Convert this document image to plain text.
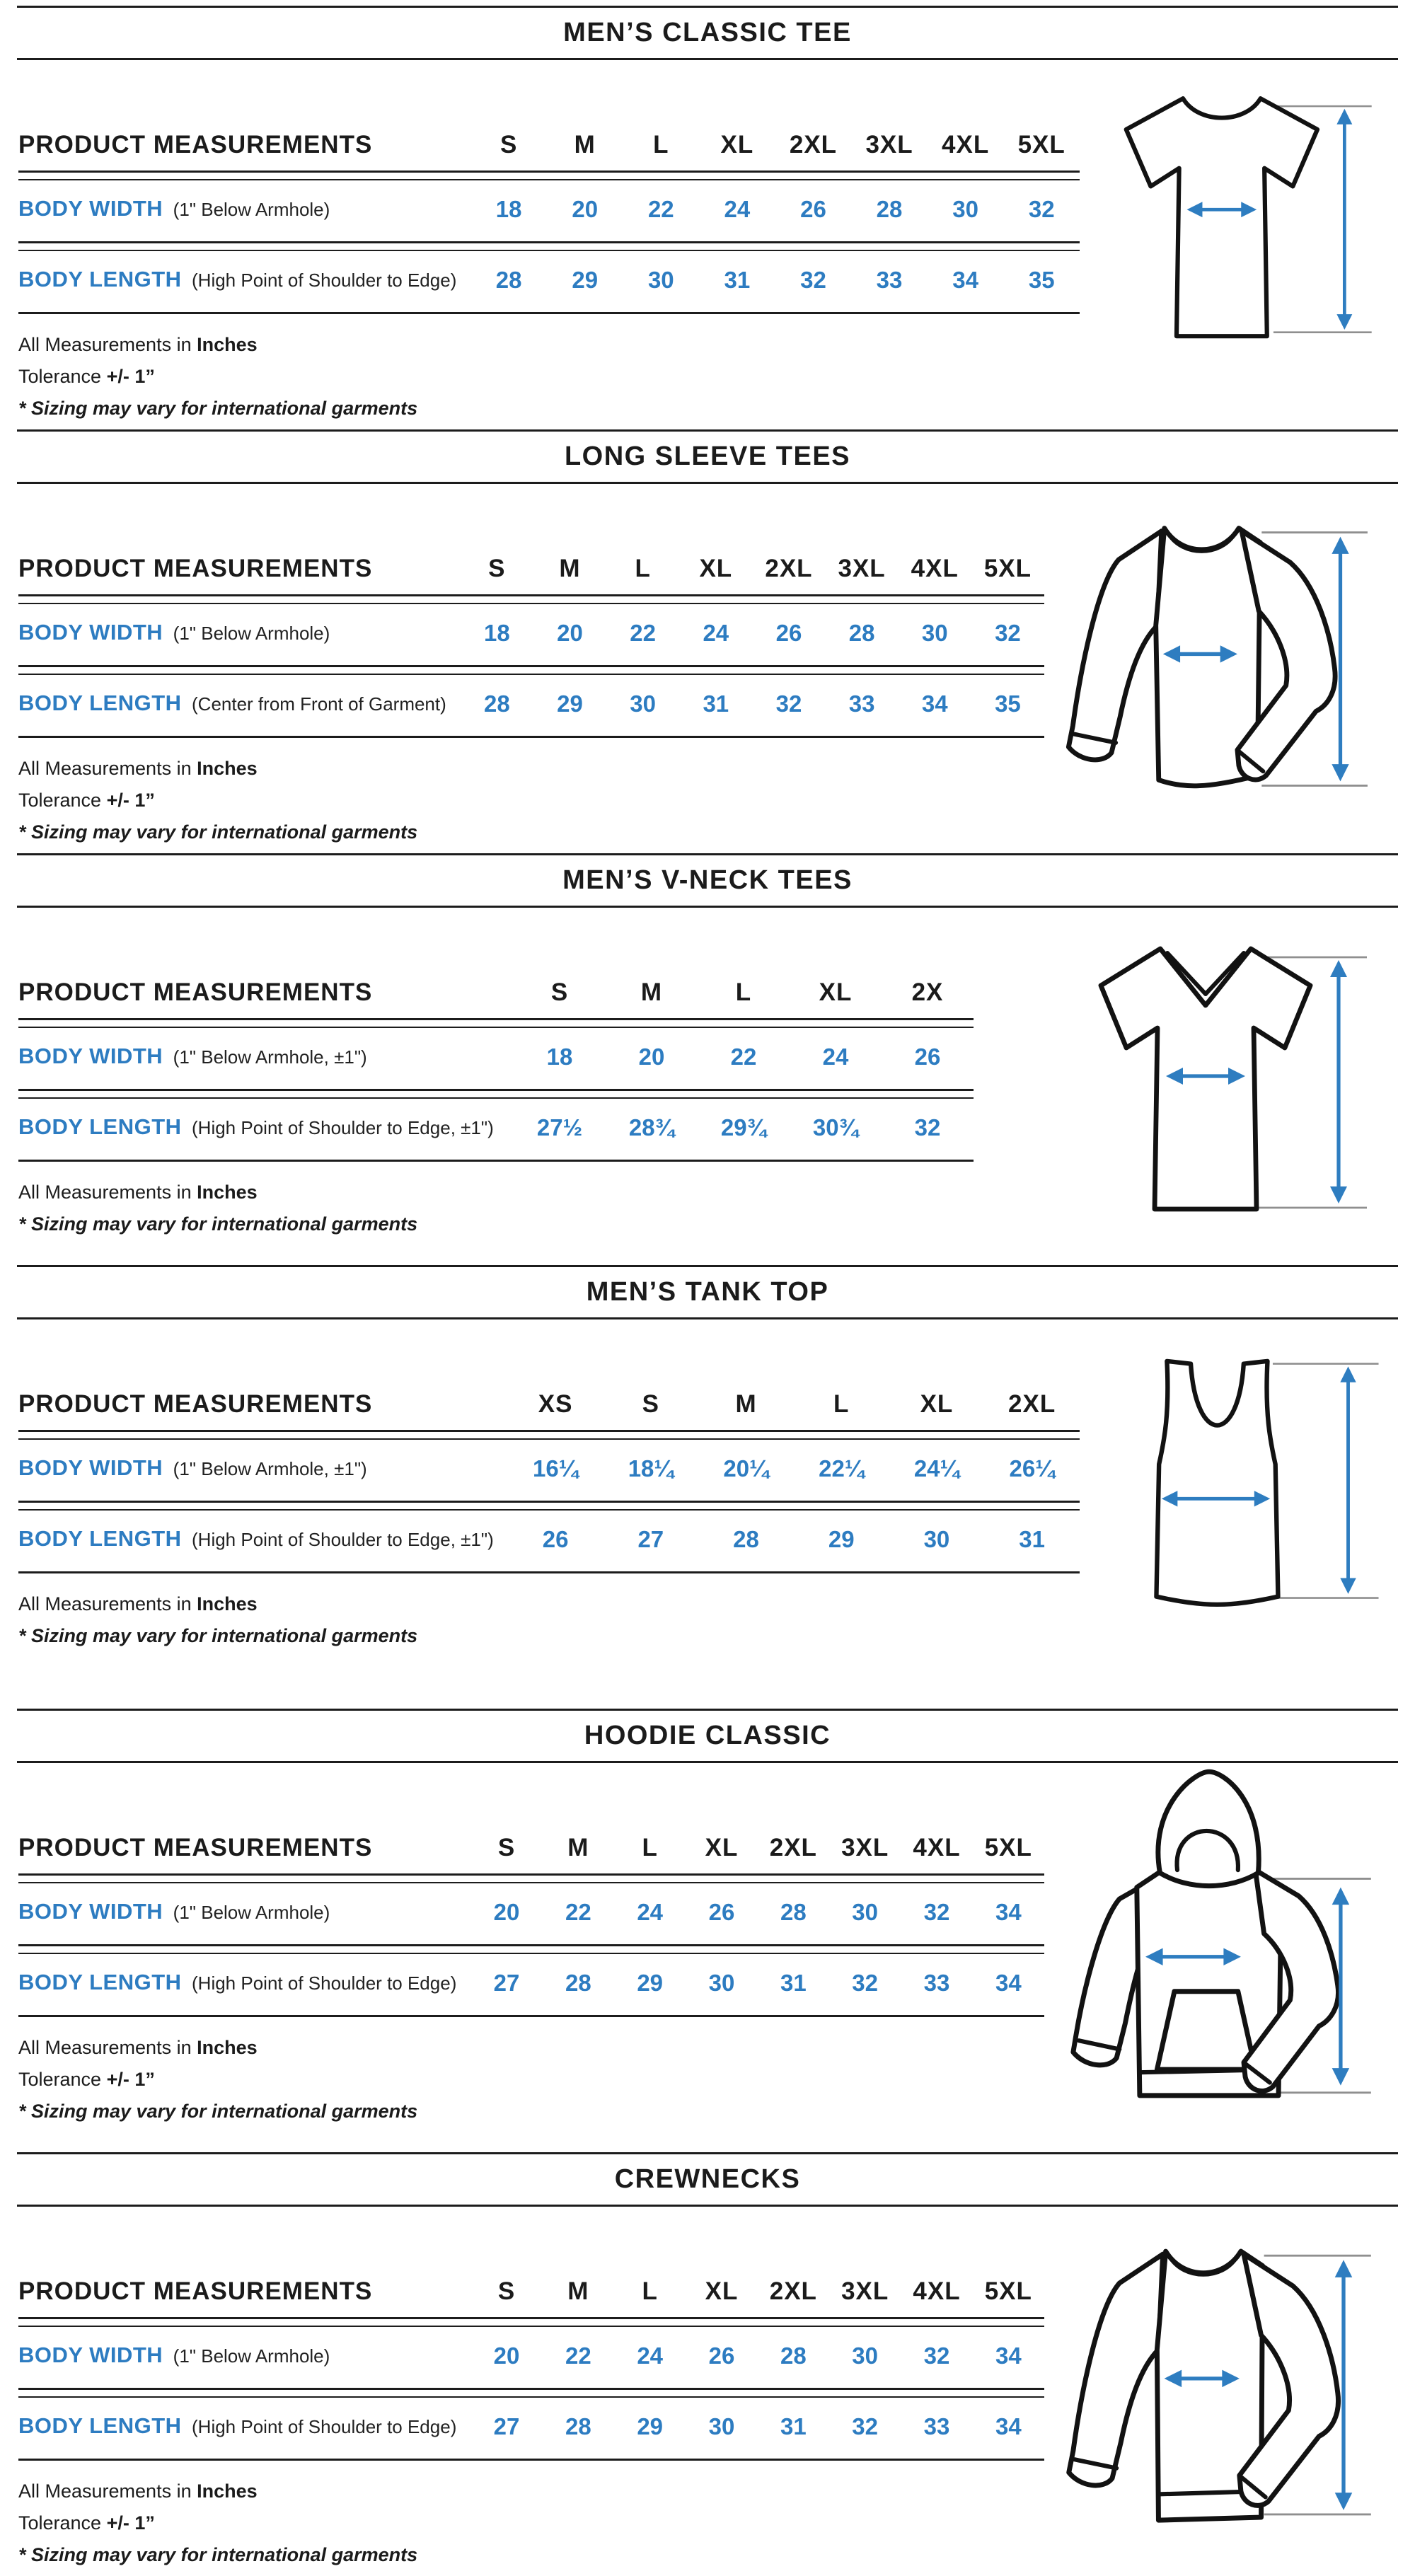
MEN’S CLASSIC TEE
PRODUCT MEASUREMENTS	S	M	L	XL	2XL	3XL	4XL	5XL
BODY WIDTH (1" Below Armhole)	18	20	22	24	26	28	30	32
BODY LENGTH (High Point of Shoulder to Edge)	28	29	30	31	32	33	34	35

All Measurements in Inches

Tolerance +/- 1”

* Sizing may vary for international garments

LONG SLEEVE TEES
PRODUCT MEASUREMENTS	S	M	L	XL	2XL	3XL	4XL	5XL
BODY WIDTH (1" Below Armhole)	18	20	22	24	26	28	30	32
BODY LENGTH (Center from Front of Garment)	28	29	30	31	32	33	34	35

All Measurements in Inches

Tolerance +/- 1”

* Sizing may vary for international garments

MEN’S V-NECK TEES
PRODUCT MEASUREMENTS	S	M	L	XL	2X
BODY WIDTH (1" Below Armhole, ±1")	18	20	22	24	26
BODY LENGTH (High Point of Shoulder to Edge, ±1")	27½	28¾	29¾	30¾	32

All Measurements in Inches

* Sizing may vary for international garments

MEN’S TANK TOP
PRODUCT MEASUREMENTS	XS	S	M	L	XL	2XL
BODY WIDTH (1" Below Armhole, ±1")	16¼	18¼	20¼	22¼	24¼	26¼
BODY LENGTH (High Point of Shoulder to Edge, ±1")	26	27	28	29	30	31

All Measurements in Inches

* Sizing may vary for international garments

HOODIE CLASSIC
PRODUCT MEASUREMENTS	S	M	L	XL	2XL 3XL 4XL 5XL
BODY WIDTH (1" Below Armhole)	20	22	24	26	28	30	32	34
BODY LENGTH (High Point of Shoulder to Edge)	27	28	29	30	31	32	33	34

All Measurements in Inches

Tolerance +/- 1”

* Sizing may vary for international garments

CREWNECKS
PRODUCT MEASUREMENTS	S	M	L	XL	2XL 3XL 4XL 5XL
BODY WIDTH (1" Below Armhole)	20	22	24	26	28	30	32	34
BODY LENGTH (High Point of Shoulder to Edge)	27	28	29	30	31	32	33	34

All Measurements in Inches

Tolerance +/- 1”

* Sizing may vary for international garments
